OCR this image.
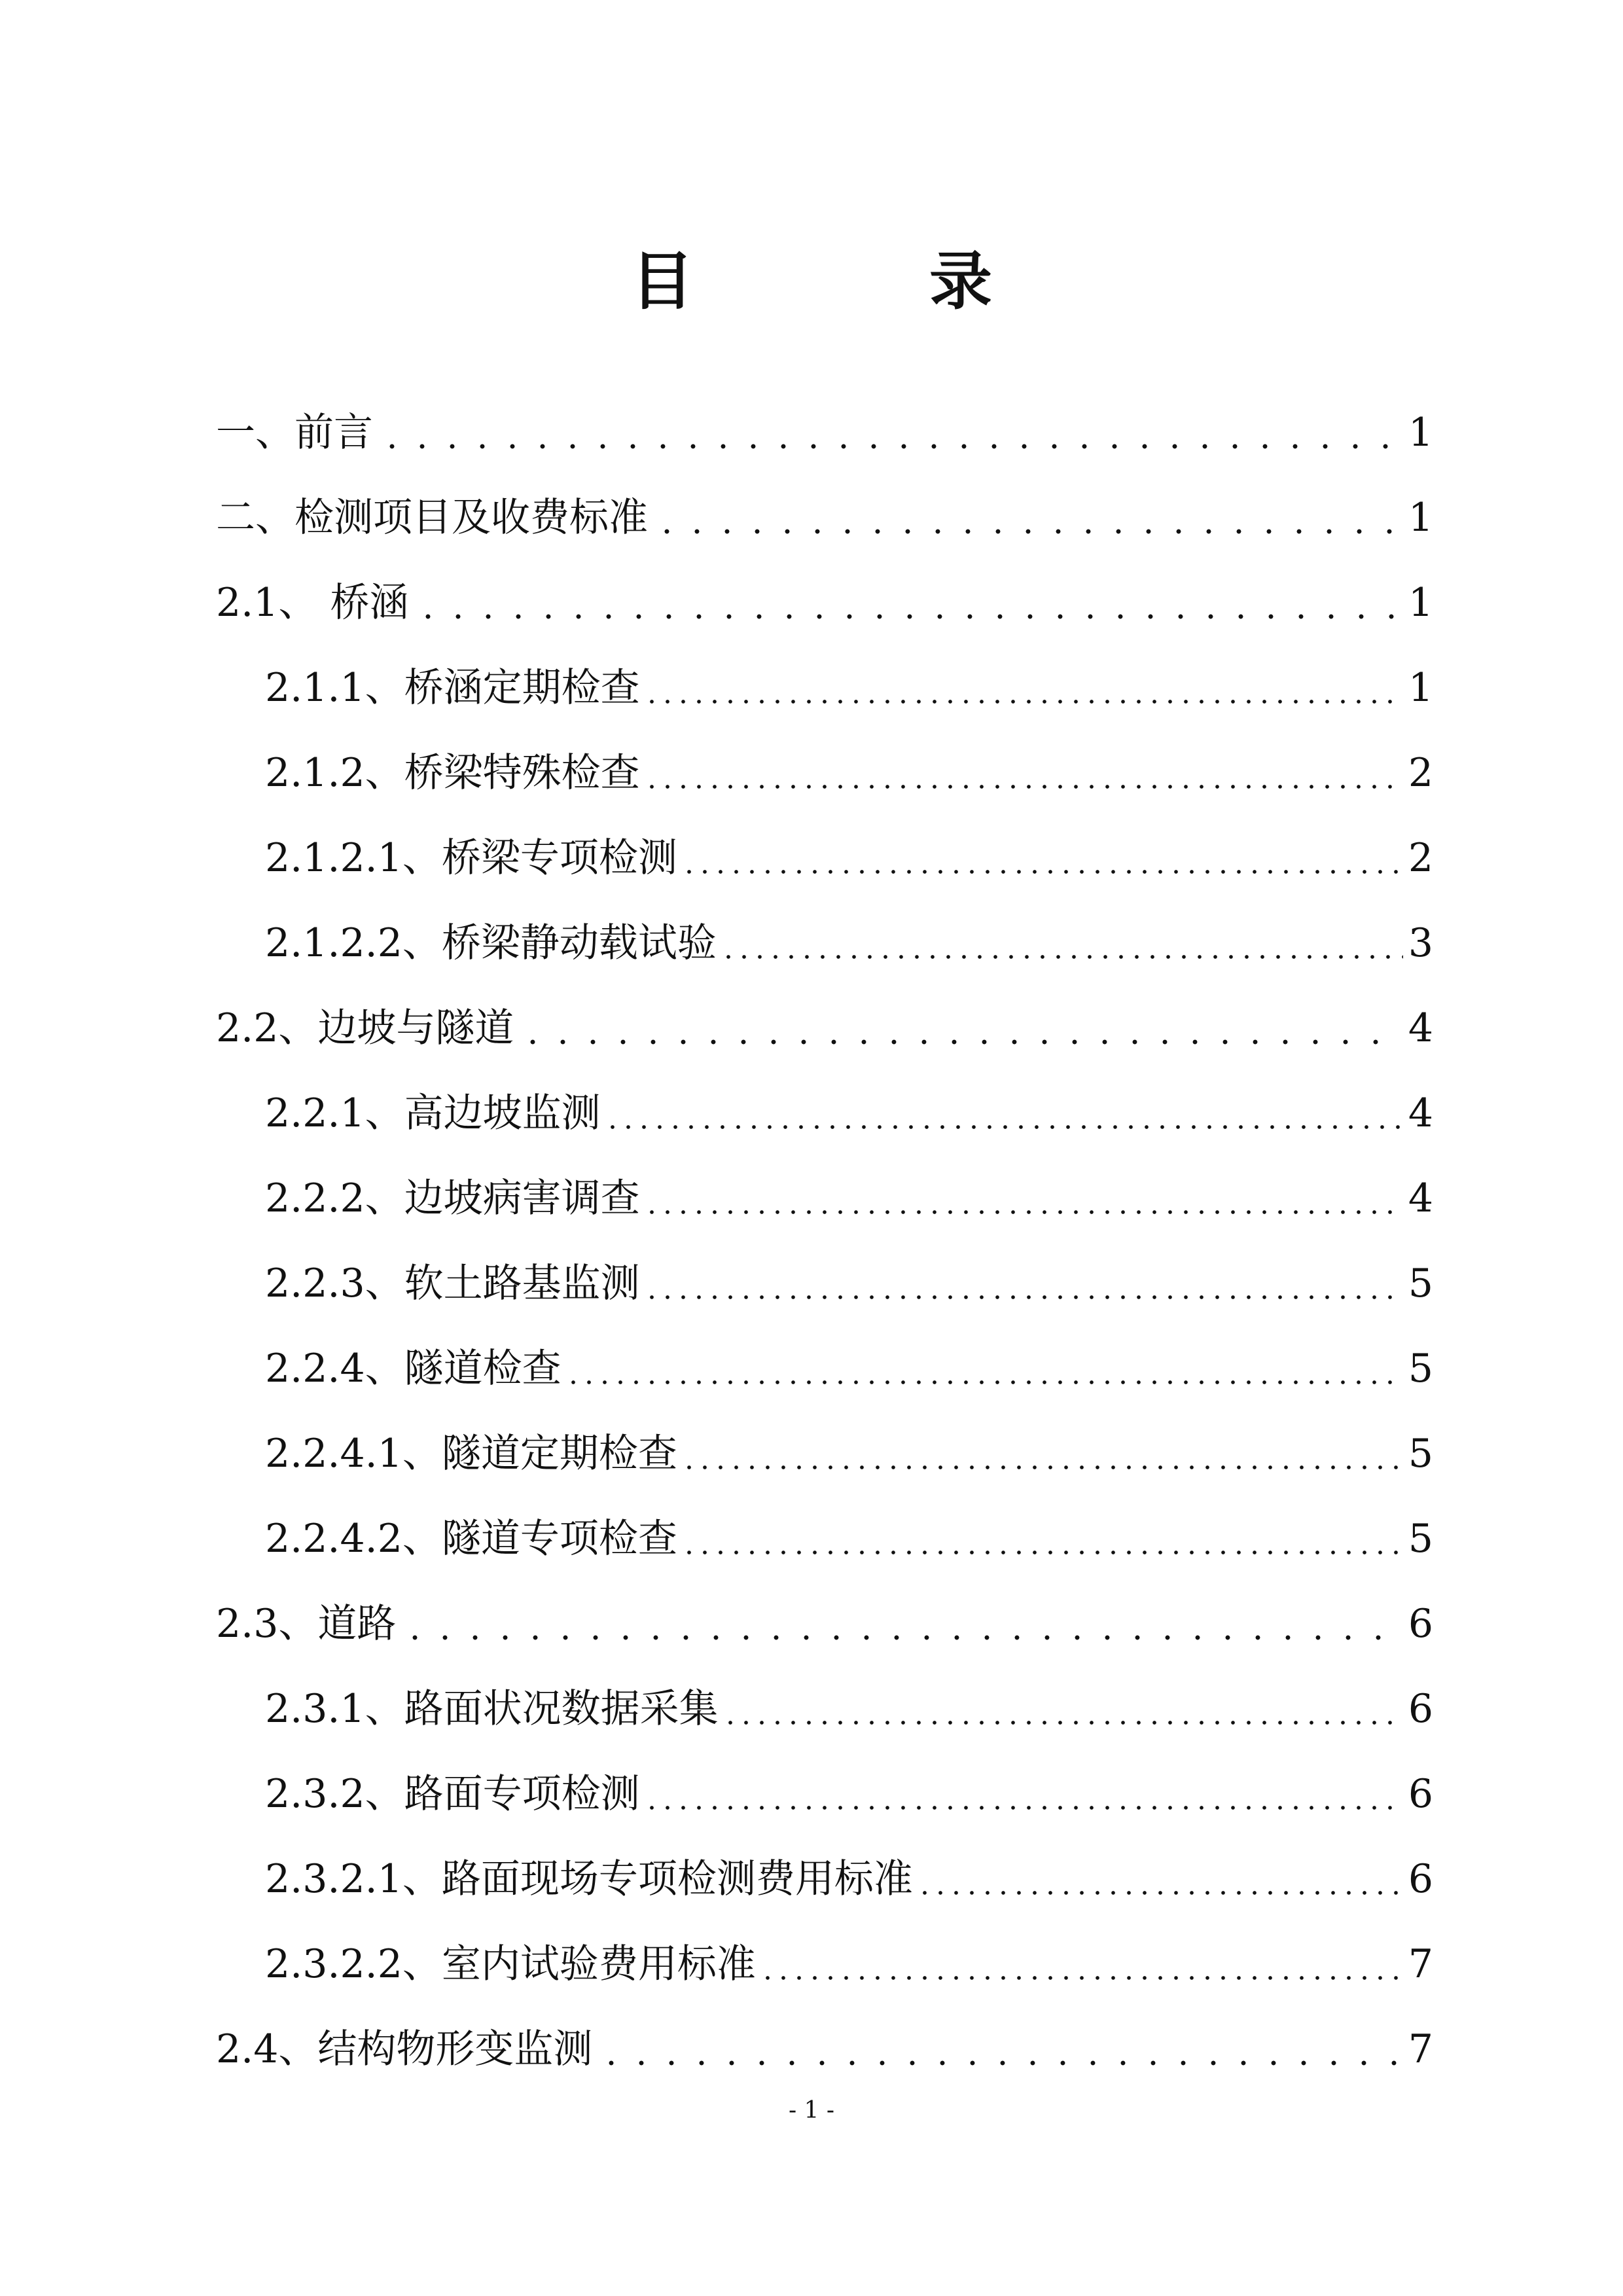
目	录
一、前言	1
二、检测项目及收费标准	1
2.1、 桥涵	1
2.1.1、桥涵定期检查	1
2.1.2、桥梁特殊检查	2
2.1.2.1、桥梁专项检测	2
2.1.2.2、桥梁静动载试验	3
2.2、边坡与隧道	4
2.2.1、高边坡监测	4
2.2.2、边坡病害调查	4
2.2.3、软土路基监测	5
2.2.4、隧道检查	5
2.2.4.1、隧道定期检查	5
2.2.4.2、隧道专项检查	5
2.3、道路	6
2.3.1、路面状况数据采集	6
2.3.2、路面专项检测	6
2.3.2.1、路面现场专项检测费用标准	6
2.3.2.2、室内试验费用标准	7
2.4、结构物形变监测	7
- 1 -
